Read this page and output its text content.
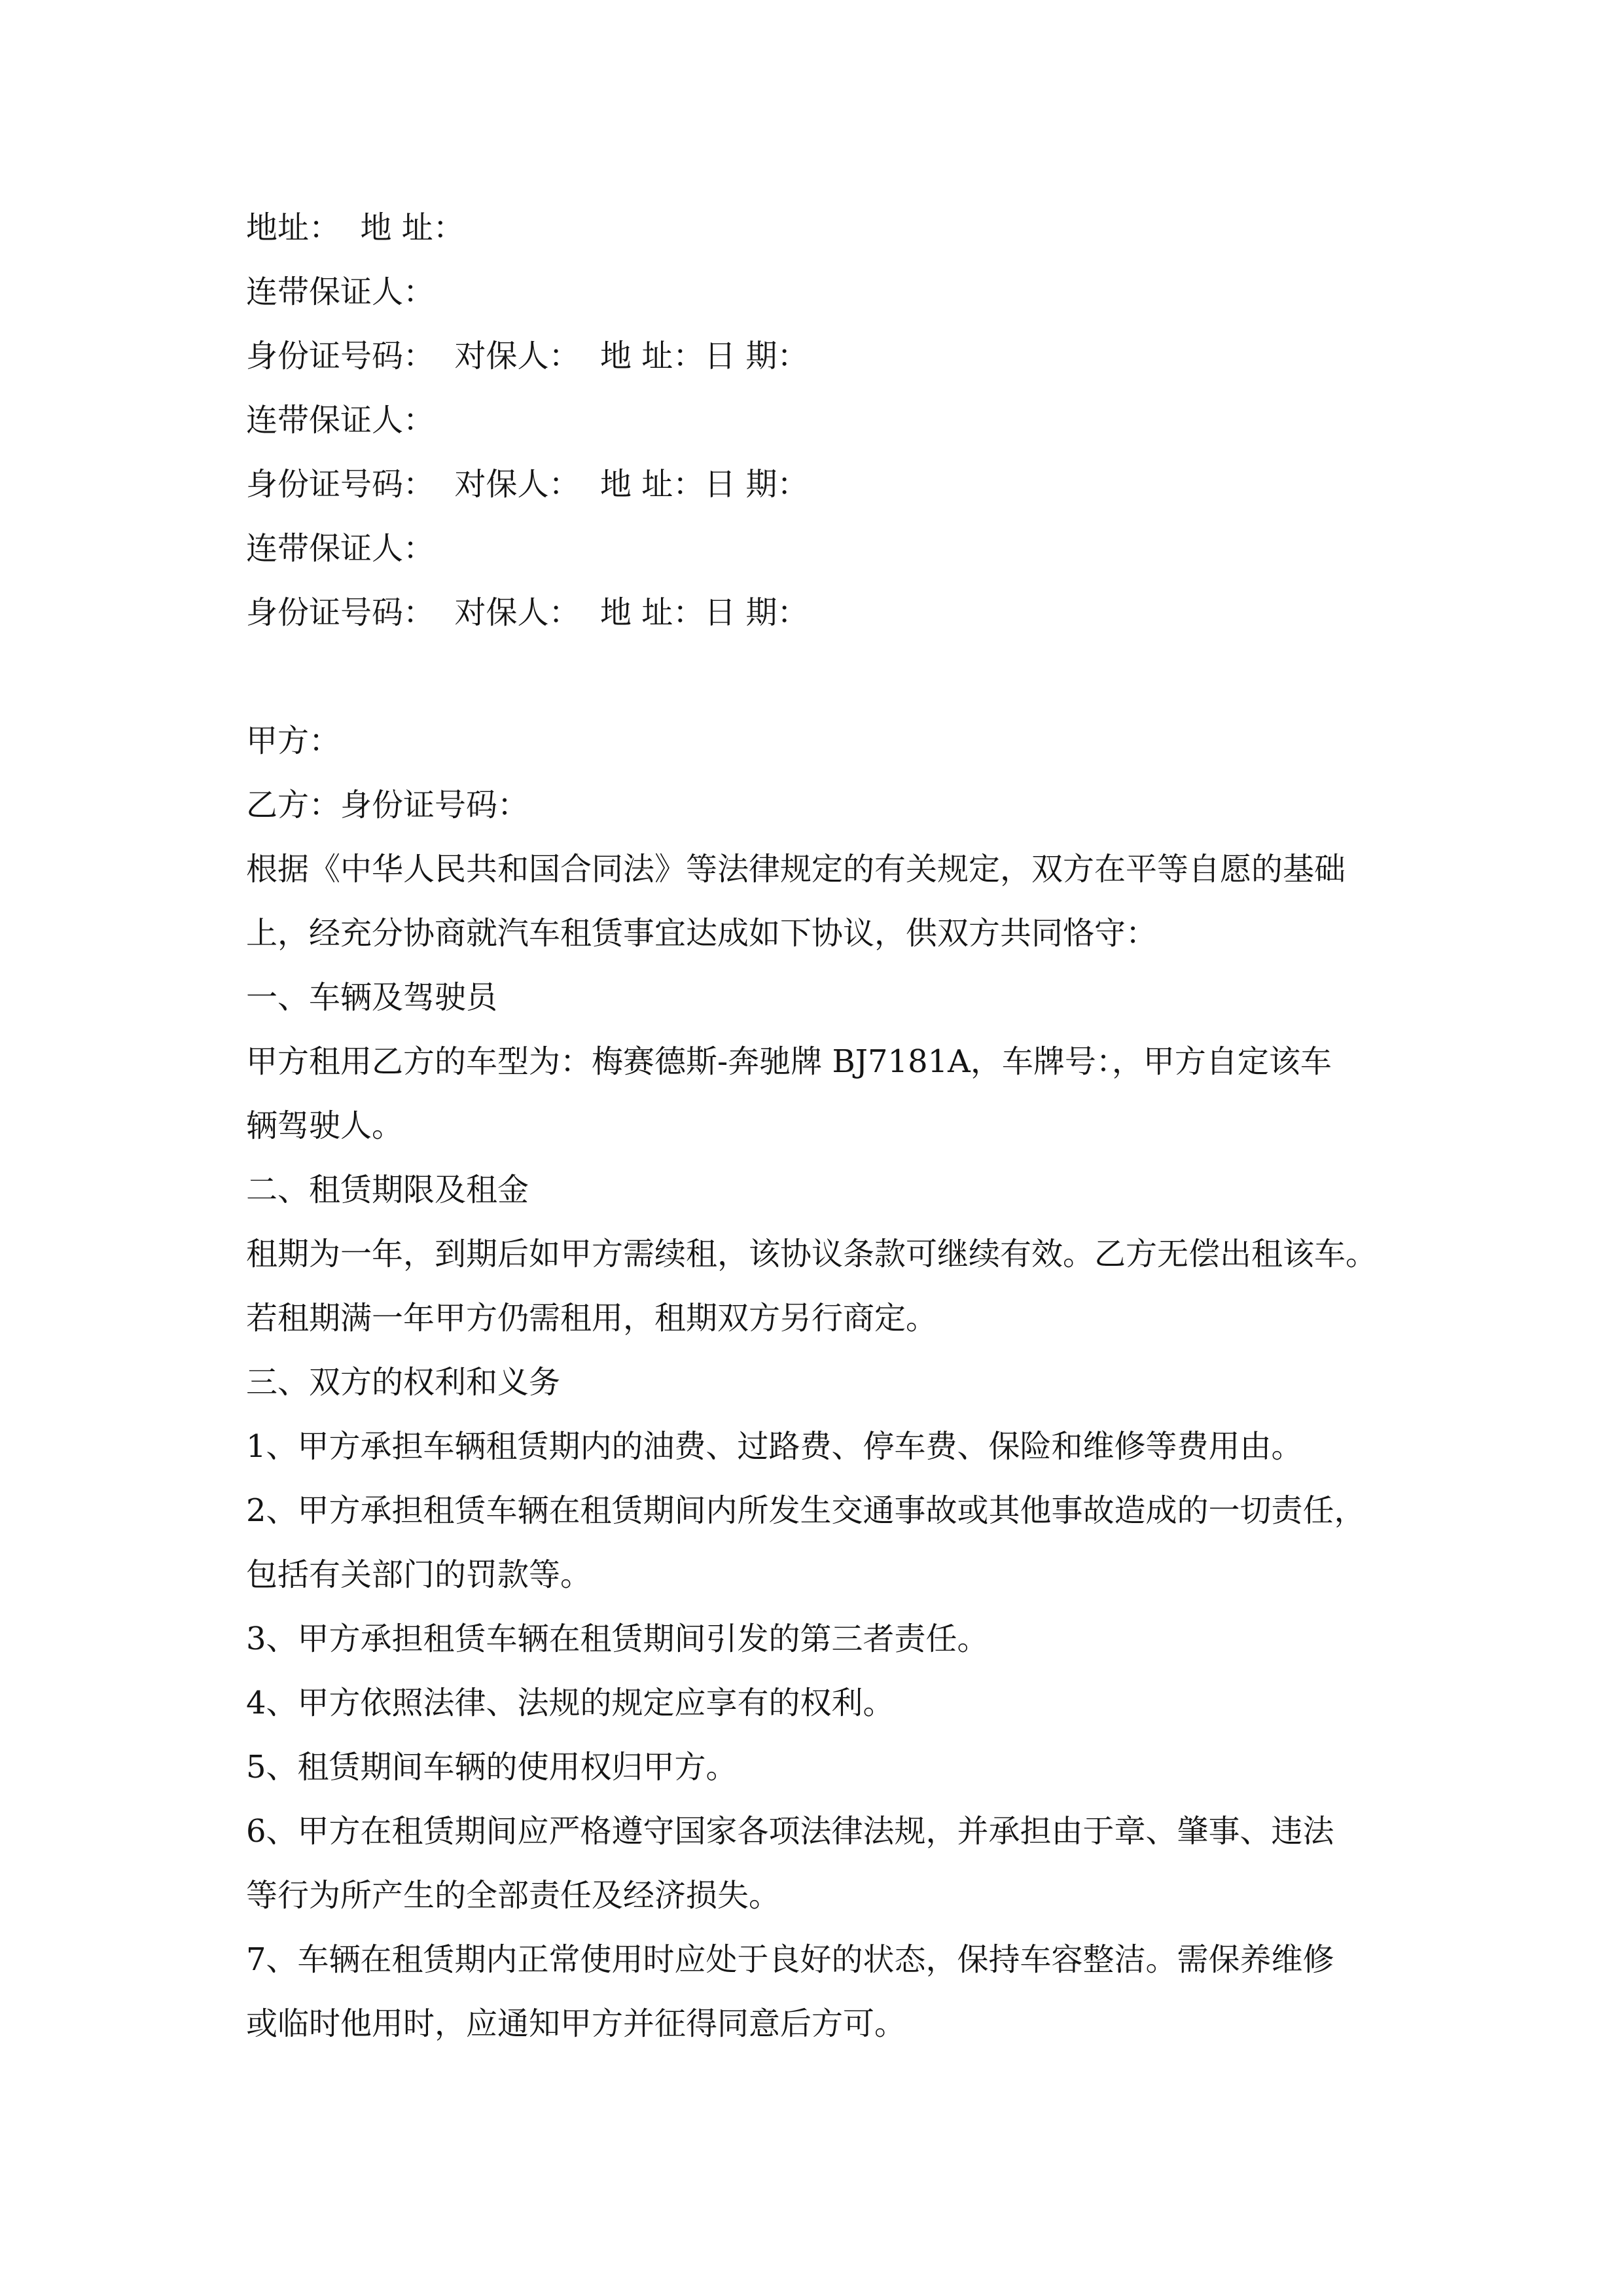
地址：  地 址：
连带保证人：
身份证号码：  对保人：  地 址：日 期：
连带保证人：
身份证号码：  对保人：  地 址：日 期：
连带保证人：
身份证号码：  对保人：  地 址：日 期：
甲方：
乙方：身份证号码：
根据《中华人民共和国合同法》等法律规定的有关规定，双方在平等自愿的基础
上，经充分协商就汽车租赁事宜达成如下协议，供双方共同恪守：
一、车辆及驾驶员
甲方租用乙方的车型为：梅赛德斯-奔驰牌 BJ7181A，车牌号：，甲方自定该车
辆驾驶人。
二、租赁期限及租金
租期为一年，到期后如甲方需续租，该协议条款可继续有效。乙方无偿出租该车。
若租期满一年甲方仍需租用，租期双方另行商定。
三、双方的权利和义务
1、甲方承担车辆租赁期内的油费、过路费、停车费、保险和维修等费用由。
2、甲方承担租赁车辆在租赁期间内所发生交通事故或其他事故造成的一切责任，
包括有关部门的罚款等。
3、甲方承担租赁车辆在租赁期间引发的第三者责任。
4、甲方依照法律、法规的规定应享有的权利。
5、租赁期间车辆的使用权归甲方。
6、甲方在租赁期间应严格遵守国家各项法律法规，并承担由于章、肇事、违法
等行为所产生的全部责任及经济损失。
7、车辆在租赁期内正常使用时应处于良好的状态，保持车容整洁。需保养维修
或临时他用时，应通知甲方并征得同意后方可。
